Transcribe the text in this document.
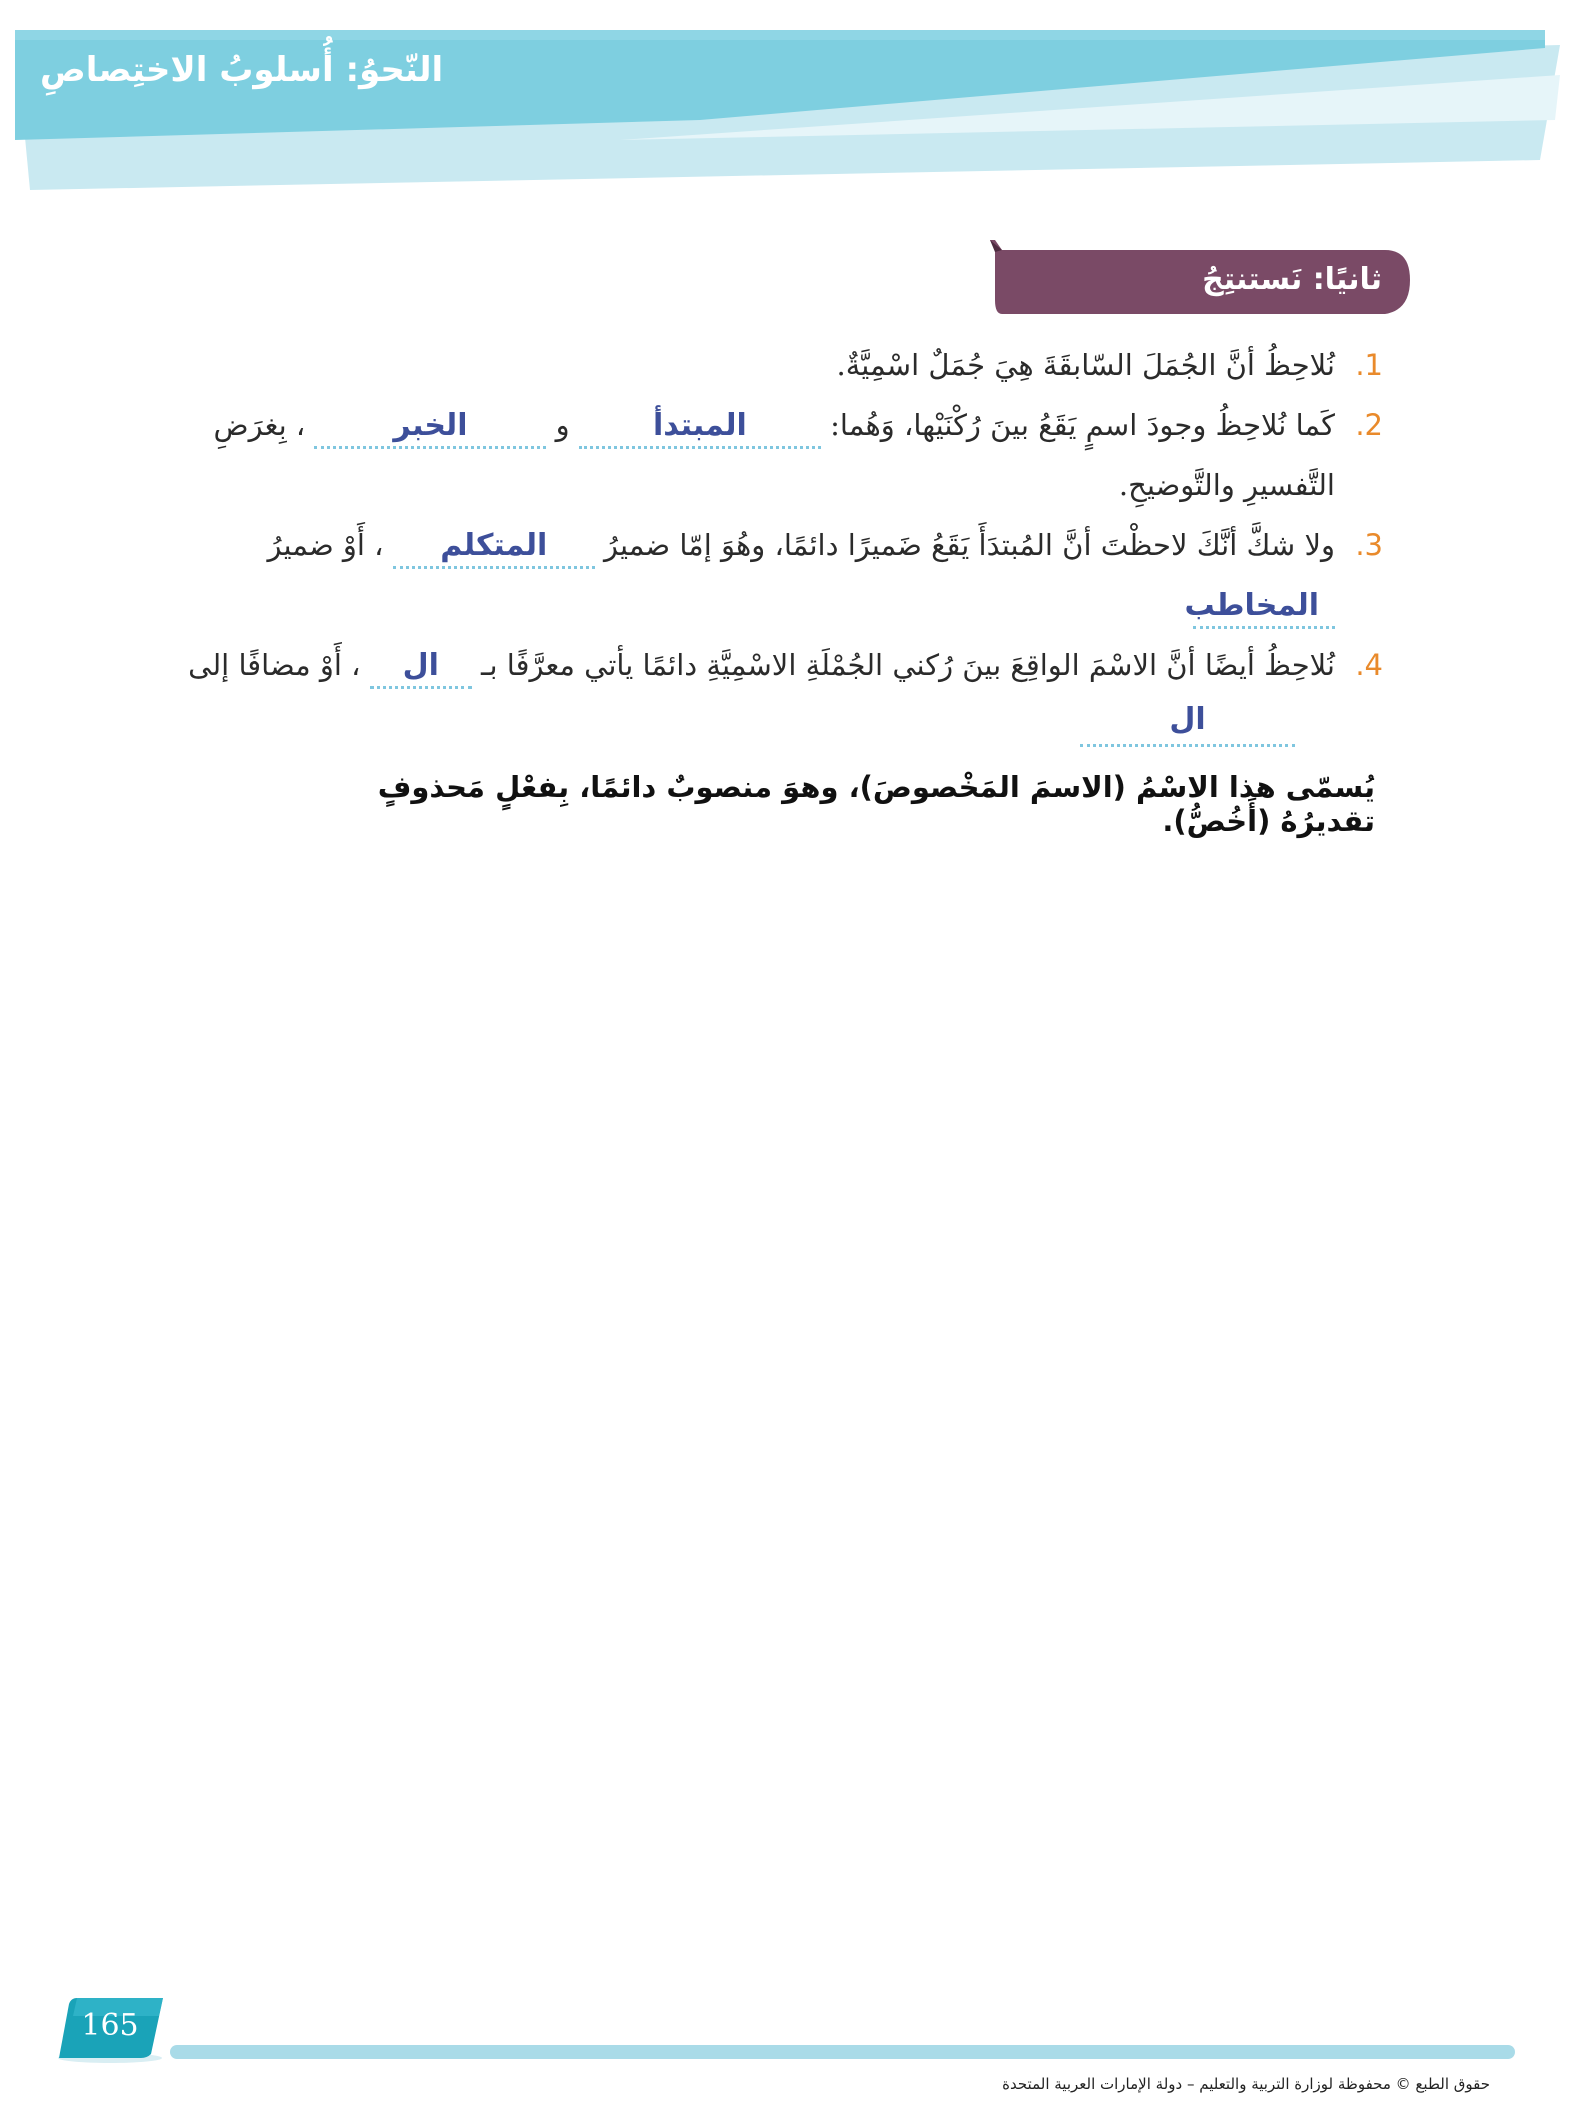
النّحوُ: أُسلوبُ الاختِصاصِ
ثانيًا: نَستنتِجُ

1.
نُلاحِظُ أنَّ الجُمَلَ السّابقَةَ هِيَ جُمَلٌ اسْمِيَّةٌ.

2.
كَما نُلاحِظُ وجودَ اسمٍ يَقَعُ بينَ رُكْنَيْها، وَهُما: المبتدأ و الخبر ، بِغرَضِ التَّفسيرِ والتَّوضيحِ.

3.
ولا شكَّ أنَّكَ لاحظْتَ أنَّ المُبتدَأَ يَقَعُ ضَميرًا دائمًا، وهُوَ إمّا ضميرُ المتكلم ، أَوْ ضميرُ المخاطب

4.
نُلاحِظُ أيضًا أنَّ الاسْمَ الواقِعَ بينَ رُكني الجُمْلَةِ الاسْمِيَّةِ دائمًا يأتي معرَّفًا بـ ال ، أَوْ مضافًا إلى
ال

يُسمّى هذا الاسْمُ (الاسمَ المَخْصوصَ)، وهوَ منصوبٌ دائمًا، بِفعْلٍ مَحذوفٍ تقديرُهُ (أَخُصُّ).
165
حقوق الطبع © محفوظة لوزارة التربية والتعليم – دولة الإمارات العربية المتحدة
